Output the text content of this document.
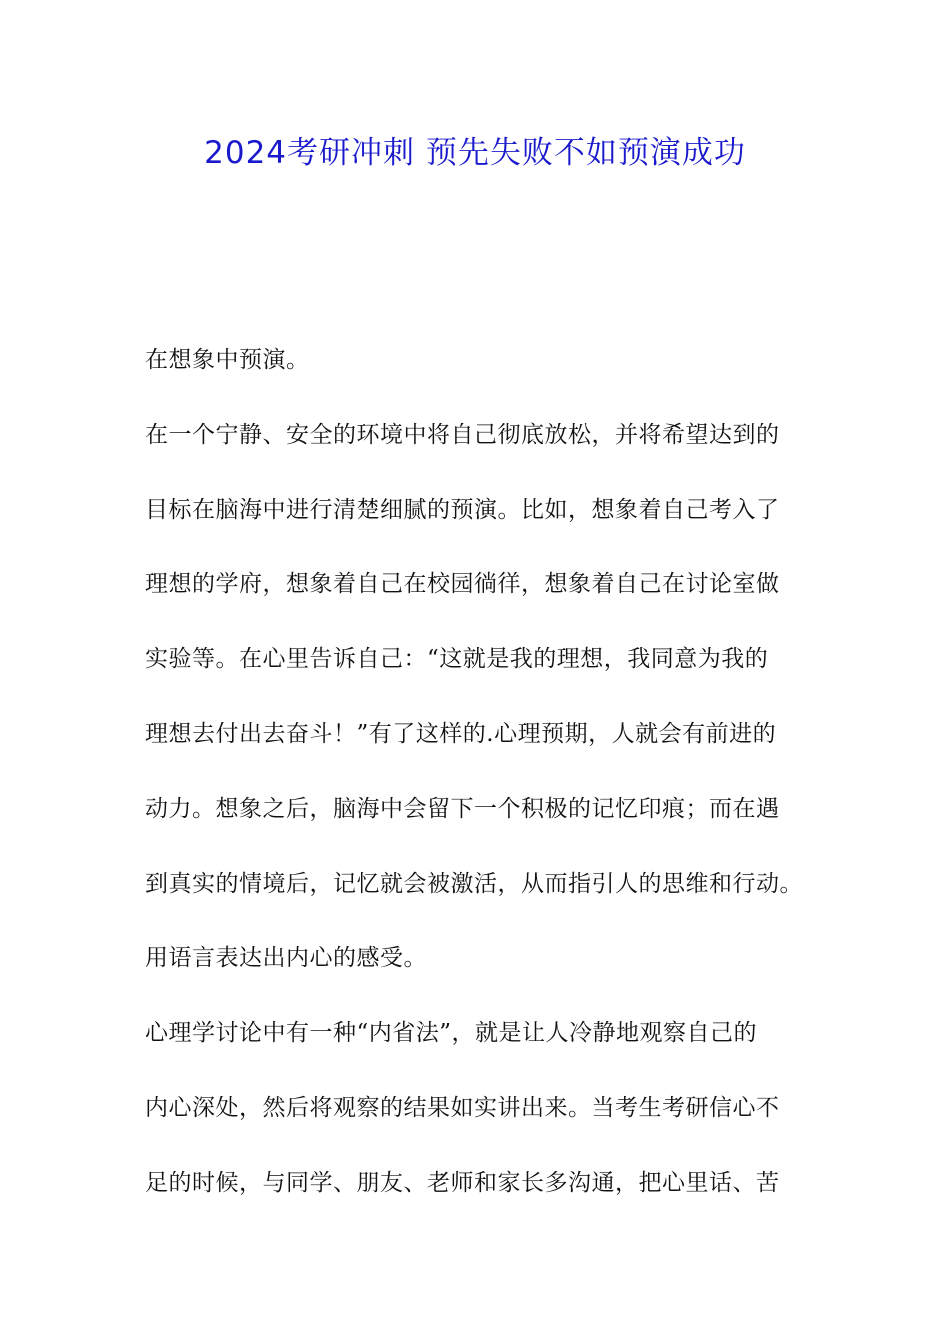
2024考研冲刺 预先失败不如预演成功
在想象中预演。
在一个宁静、安全的环境中将自己彻底放松，并将希望达到的
目标在脑海中进行清楚细腻的预演。比如，想象着自己考入了
理想的学府，想象着自己在校园徜徉，想象着自己在讨论室做
实验等。在心里告诉自己：“这就是我的理想，我同意为我的
理想去付出去奋斗！”有了这样的.心理预期，人就会有前进的
动力。想象之后，脑海中会留下一个积极的记忆印痕；而在遇
到真实的情境后，记忆就会被激活，从而指引人的思维和行动。
用语言表达出内心的感受。
心理学讨论中有一种“内省法”，就是让人冷静地观察自己的
内心深处，然后将观察的结果如实讲出来。当考生考研信心不
足的时候，与同学、朋友、老师和家长多沟通，把心里话、苦
